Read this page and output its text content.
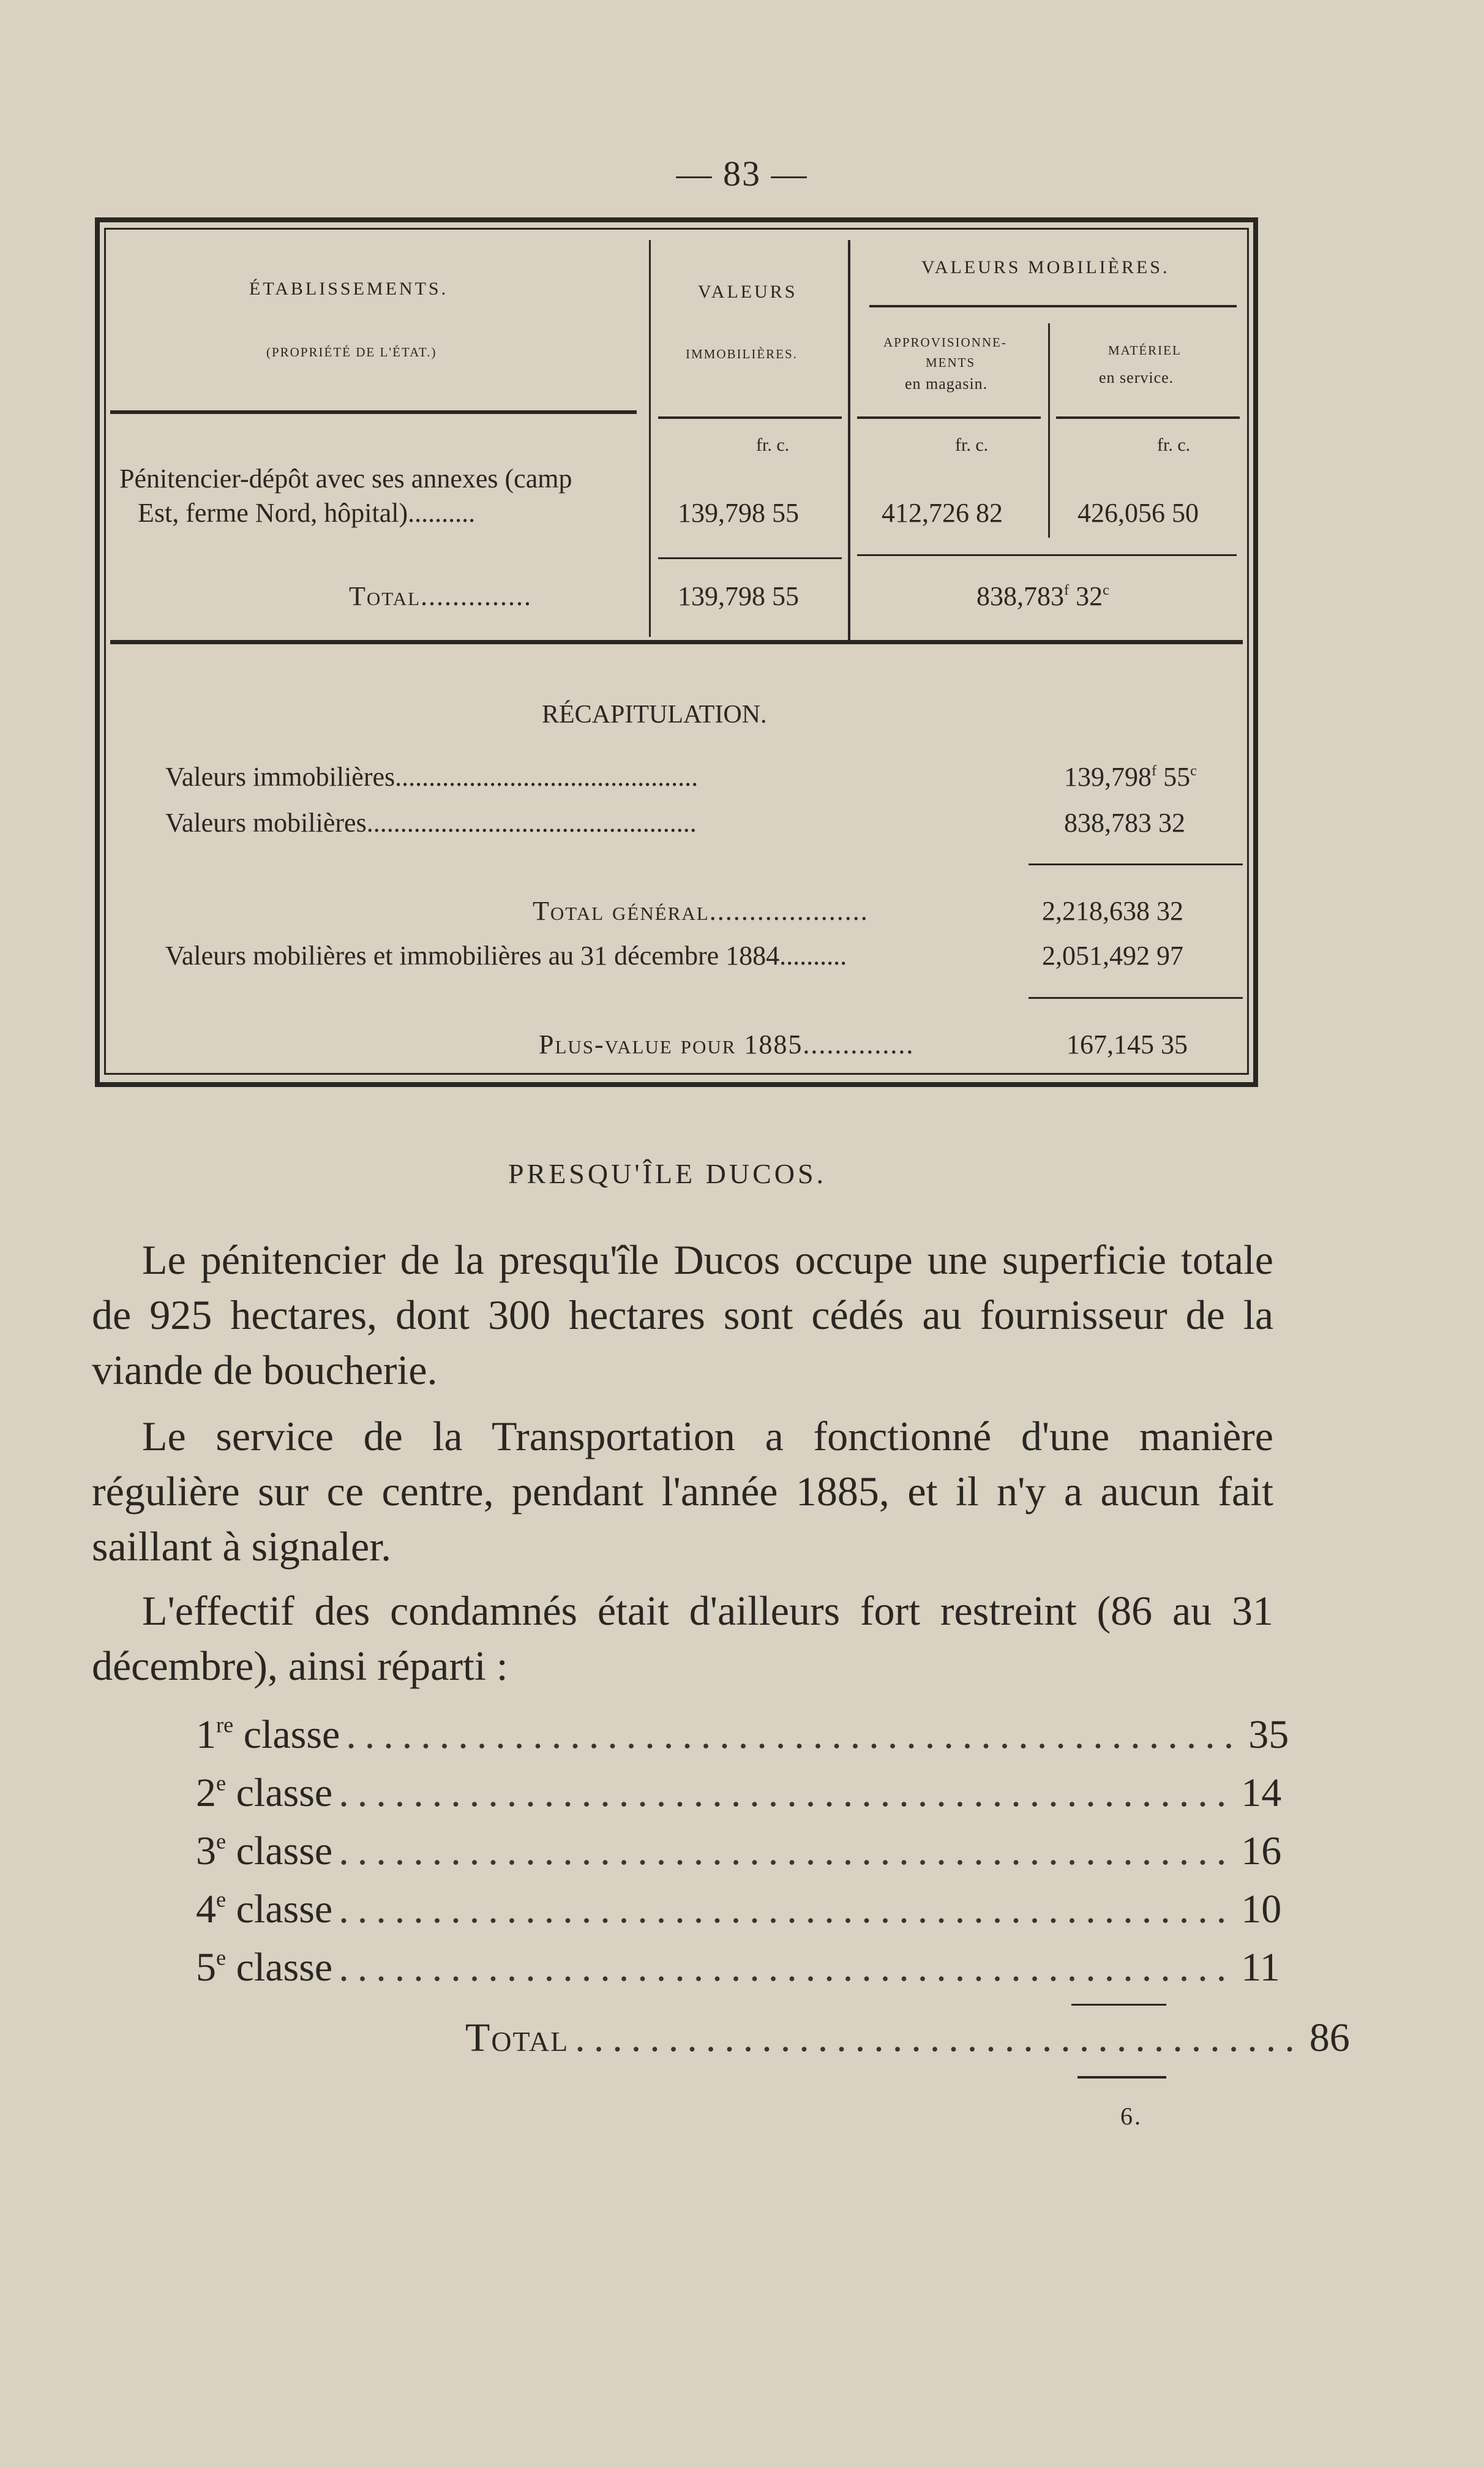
— 83 —
ÉTABLISSEMENTS.
(PROPRIÉTÉ DE L'ÉTAT.)
VALEURS
IMMOBILIÈRES.
VALEURS MOBILIÈRES.
APPROVISIONNE-
MENTS
en magasin.
MATÉRIEL
en service.
fr. c.	fr. c.	fr. c.
Pénitencier-dépôt avec ses annexes (camp
Est, ferme Nord, hôpital)..........	139,798 55	412,726 82	426,056 50
Total..............	139,798 55	838,783$^f$ 32$^c$
RÉCAPITULATION.
Valeurs immobilières.............................................	139,798$^f$ 55$^c$
Valeurs mobilières.................................................	838,783 32
Total général....................	2,218,638 32
Valeurs mobilières et immobilières au 31 décembre 1884..........	2,051,492 97
Plus-value pour 1885..............	167,145 35
PRESQU'ÎLE DUCOS.
Le pénitencier de la presqu'île Ducos occupe une superficie totale de 925 hectares, dont 300 hectares sont cédés au fournisseur de la viande de boucherie.
Le service de la Transportation a fonctionné d'une manière régulière sur ce centre, pendant l'année 1885, et il n'y a aucun fait saillant à signaler.
L'effectif des condamnés était d'ailleurs fort restreint (86 au 31 décembre), ainsi réparti :
1re classe ................................................ 35
2e classe ................................................ 14
3e classe ................................................ 16
4e classe ................................................ 10
5e classe ................................................ 11
Total ....................................... 86
6.
